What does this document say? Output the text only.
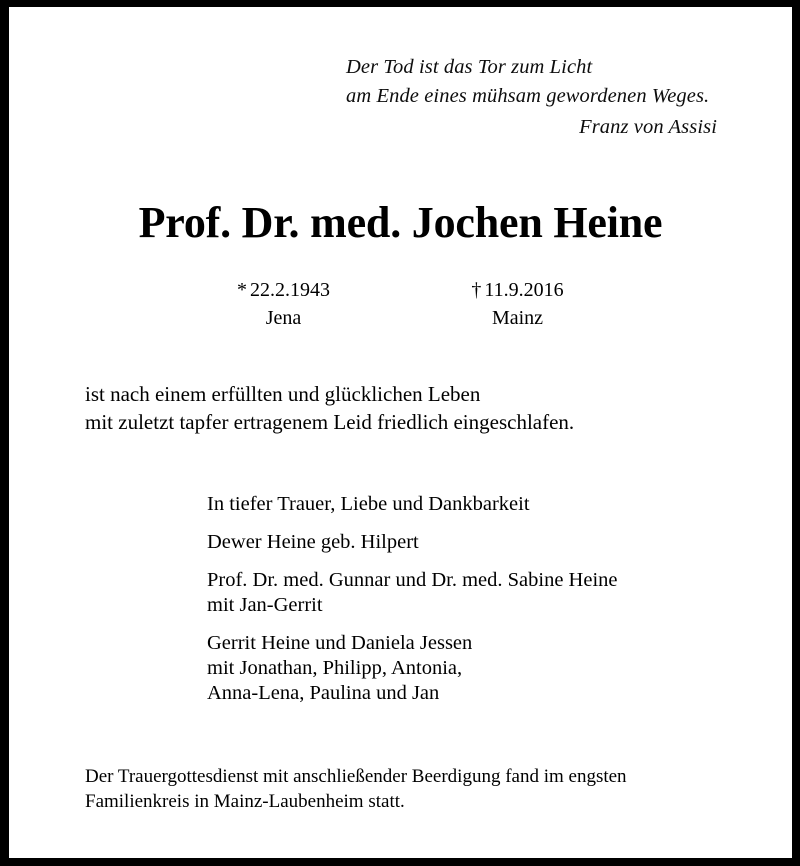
Der Tod ist das Tor zum Licht
am Ende eines mühsam gewordenen Weges.
Franz von Assisi
Prof. Dr. med. Jochen Heine
* 22.2.1943
Jena
† 11.9.2016
Mainz
ist nach einem erfüllten und glücklichen Leben
mit zuletzt tapfer ertragenem Leid friedlich eingeschlafen.
In tiefer Trauer, Liebe und Dankbarkeit
Dewer Heine geb. Hilpert
Prof. Dr. med. Gunnar und Dr. med. Sabine Heine
mit Jan-Gerrit
Gerrit Heine und Daniela Jessen
mit Jonathan, Philipp, Antonia,
Anna-Lena, Paulina und Jan
Der Trauergottesdienst mit anschließender Beerdigung fand im engsten
Familienkreis in Mainz-Laubenheim statt.
